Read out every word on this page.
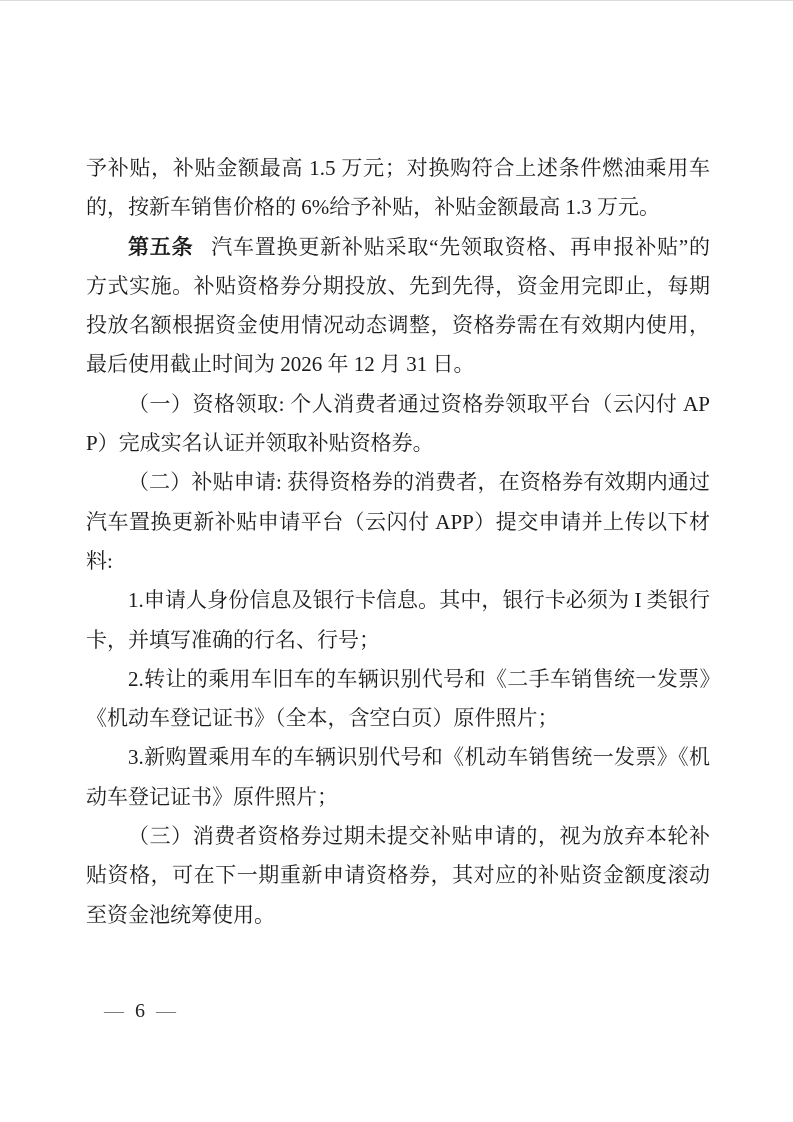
予补贴，补贴金额最高 1.5 万元；对换购符合上述条件燃油乘用车的，按新车销售价格的 6%给予补贴，补贴金额最高 1.3 万元。

第五条 汽车置换更新补贴采取“先领取资格、再申报补贴”的方式实施。补贴资格券分期投放、先到先得，资金用完即止，每期投放名额根据资金使用情况动态调整，资格券需在有效期内使用，最后使用截止时间为 2026 年 12 月 31 日。

（一）资格领取: 个人消费者通过资格券领取平台（云闪付 APP）完成实名认证并领取补贴资格券。

（二）补贴申请: 获得资格券的消费者，在资格券有效期内通过汽车置换更新补贴申请平台（云闪付 APP）提交申请并上传以下材料:

1.申请人身份信息及银行卡信息。其中，银行卡必须为 I 类银行卡，并填写准确的行名、行号；

2.转让的乘用车旧车的车辆识别代号和《二手车销售统一发票》《机动车登记证书》（全本，含空白页）原件照片；

3.新购置乘用车的车辆识别代号和《机动车销售统一发票》《机动车登记证书》原件照片；

（三）消费者资格券过期未提交补贴申请的，视为放弃本轮补贴资格，可在下一期重新申请资格券，其对应的补贴资金额度滚动至资金池统筹使用。

— 6 —
